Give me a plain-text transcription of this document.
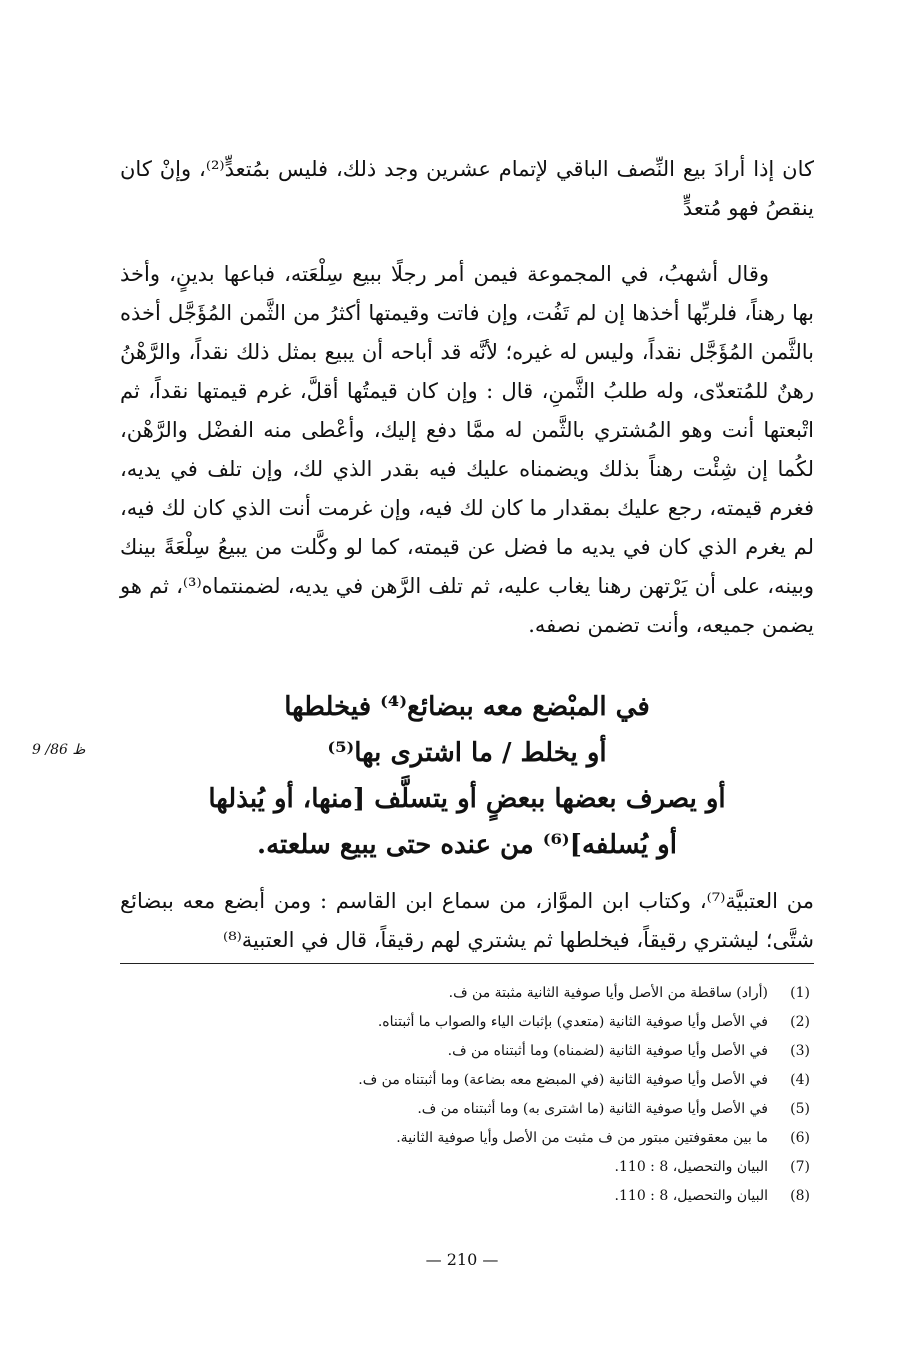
كان إذا أرادَ بيع النِّصف الباقي لإتمام عشرين وجد ذلك، فليس بمُتعدٍّ⁽²⁾، وإنْ كان ينقصُ فهو مُتعدٍّ

وقال أشهبُ، في المجموعة فيمن أمر رجلًا ببيع سِلْعَته، فباعها بدينٍ، وأخذ بها رهناً، فلربِّها أخذها إن لم تَفُت، وإن فاتت وقيمتها أكثرُ من الثَّمن المُؤَجَّل أخذه بالثَّمن المُؤَجَّل نقداً، وليس له غيره؛ لأنَّه قد أباحه أن يبيع بمثل ذلك نقداً، والرَّهْنُ رهنٌ للمُتعدّى، وله طلبُ الثَّمنِ، قال : وإن كان قيمتُها أقلَّ، غرم قيمتها نقداً، ثم اتْبعتها أنت وهو المُشتري بالثَّمن له ممَّا دفع إليك، وأعْطى منه الفضْل والرَّهْن، لكُما إن شِئْت رهناً بذلك ويضمناه عليك فيه بقدر الذي لك، وإن تلف في يديه، فغرم قيمته، رجع عليك بمقدار ما كان لك فيه، وإن غرمت أنت الذي كان لك فيه، لم يغرم الذي كان في يديه ما فضل عن قيمته، كما لو وكَّلت من يبيعُ سِلْعَةً بينك وبينه، على أن يَرْتهن رهنا يغاب عليه، ثم تلف الرَّهن في يديه، لضمنتماه⁽³⁾، ثم هو يضمن جميعه، وأنت تضمن نصفه.

في المبْضع معه ببضائع⁽⁴⁾ فيخلطها
أو يخلط / ما اشترى بها⁽⁵⁾
أو يصرف بعضها ببعضٍ أو يتسلَّف [منها، أو يُبذلها
أو يُسلفه]⁽⁶⁾ من عنده حتى يبيع سلعته.
9 /86 ظ

من العتبيَّة⁽⁷⁾، وكتاب ابن الموَّاز، من سماع ابن القاسم : ومن أبضع معه ببضائع شتَّى؛ ليشتري رقيقاً، فيخلطها ثم يشتري لهم رقيقاً، قال في العتبية⁽⁸⁾

(1)
(أراد) ساقطة من الأصل وأيا صوفية الثانية مثبتة من ف.
(2)
في الأصل وأيا صوفية الثانية (متعدي) بإثبات الياء والصواب ما أثبتناه.
(3)
في الأصل وأيا صوفية الثانية (لضمناه) وما أثبتناه من ف.
(4)
في الأصل وأيا صوفية الثانية (في المبضع معه بضاعة) وما أثبتناه من ف.
(5)
في الأصل وأيا صوفية الثانية (ما اشترى به) وما أثبتناه من ف.
(6)
ما بين معقوفتين مبتور من ف مثبت من الأصل وأيا صوفية الثانية.
(7)
البيان والتحصيل، 8 : 110.
(8)
البيان والتحصيل، 8 : 110.
— 210 —
